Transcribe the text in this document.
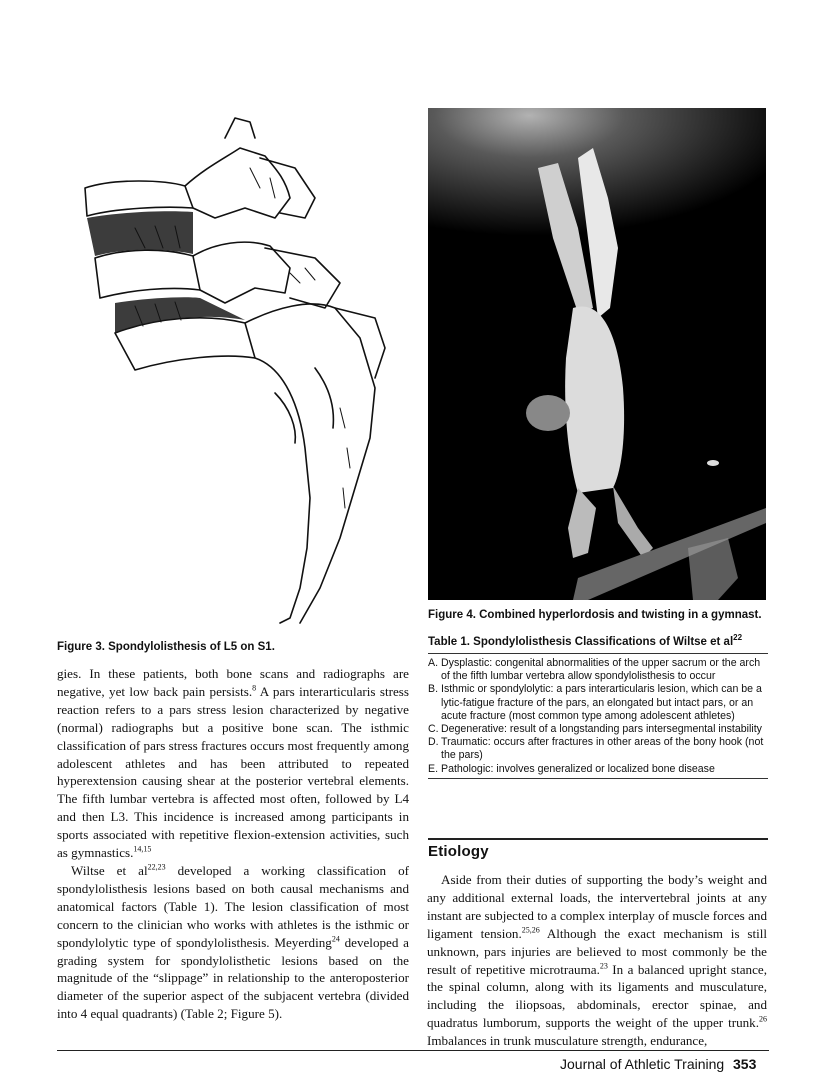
Figure 3. Spondylolisthesis of L5 on S1.
Figure 4. Combined hyperlordosis and twisting in a gymnast.
Table 1. Spondylolisthesis Classifications of Wiltse et $al^{22}$
A. Dysplastic: congenital abnormalities of the upper sacrum or the arch of the fifth lumbar vertebra allow spondylolisthesis to occur
B. Isthmic or spondylolytic: a pars interarticularis lesion, which can be a lytic-fatigue fracture of the pars, an elongated but intact pars, or an acute fracture (most common type among adolescent athletes)
C. Degenerative: result of a longstanding pars intersegmental instability
D. Traumatic: occurs after fractures in other areas of the bony hook (not the pars)
E. Pathologic: involves generalized or localized bone disease

gies. In these patients, both bone scans and radiographs are negative, yet low back pain persists.$^8$ A pars interarticularis stress reaction refers to a pars stress lesion characterized by negative (normal) radiographs but a positive bone scan. The isthmic classification of pars stress fractures occurs most frequently among adolescent athletes and has been attributed to repeated hyperextension causing shear at the posterior vertebral elements. The fifth lumbar vertebra is affected most often, followed by L4 and then L3. This incidence is increased among participants in sports associated with repetitive flexion-extension activities, such as gymnastics.$^{14,15}$

Wiltse et al$^{22,23}$ developed a working classification of spondylolisthesis lesions based on both causal mechanisms and anatomical factors (Table 1). The lesion classification of most concern to the clinician who works with athletes is the isthmic or spondylolytic type of spondylolisthesis. Meyerding$^{24}$ developed a grading system for spondylolisthetic lesions based on the magnitude of the “slippage” in relationship to the anteroposterior diameter of the superior aspect of the subjacent vertebra (divided into 4 equal quadrants) (Table 2; Figure 5).

Etiology

Aside from their duties of supporting the body’s weight and any additional external loads, the intervertebral joints at any instant are subjected to a complex interplay of muscle forces and ligament tension.$^{25,26}$ Although the exact mechanism is still unknown, pars injuries are believed to most commonly be the result of repetitive microtrauma.$^{23}$ In a balanced upright stance, the spinal column, along with its ligaments and musculature, including the iliopsoas, abdominals, erector spinae, and quadratus lumborum, supports the weight of the upper trunk.$^{26}$ Imbalances in trunk musculature strength, endurance,

Journal of Athletic Training 353
